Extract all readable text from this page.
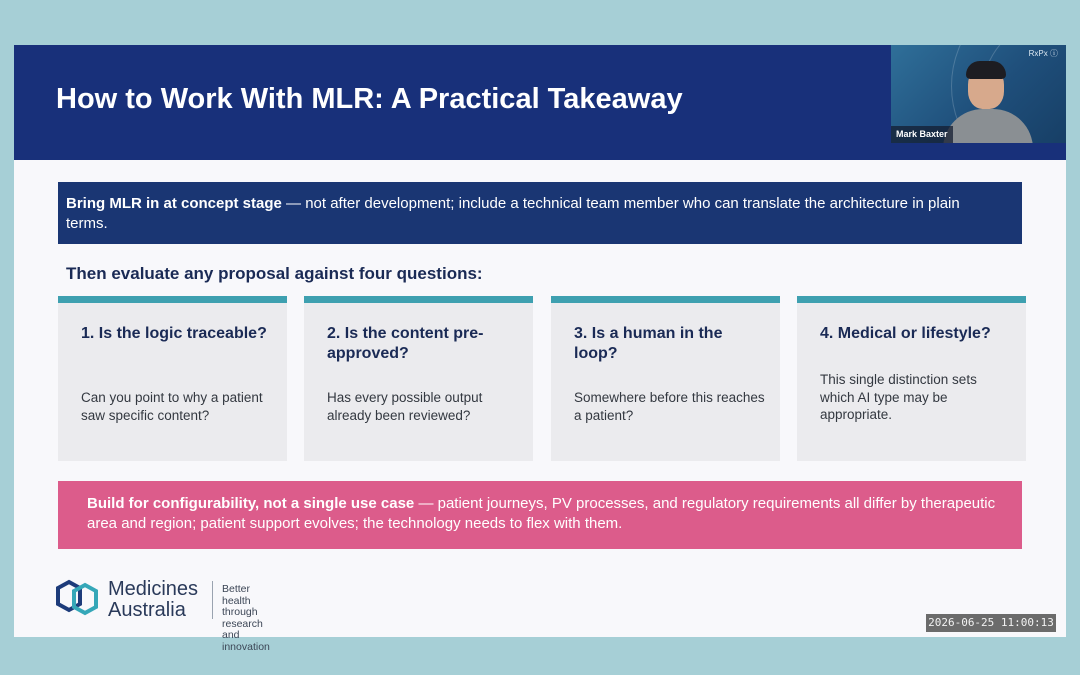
How to Work With MLR: A Practical Takeaway
RxPx ⓘ
Mark Baxter
Bring MLR in at concept stage — not after development; include a technical team member who can translate the architecture in plain terms.
Then evaluate any proposal against four questions:
1. Is the logic traceable?
Can you point to why a patient saw specific content?
2. Is the content pre-approved?
Has every possible output already been reviewed?
3. Is a human in the loop?
Somewhere before this reaches a patient?
4. Medical or lifestyle?
This single distinction sets which AI type may be appropriate.
Build for configurability, not a single use case — patient journeys, PV processes, and regulatory requirements all differ by therapeutic area and region; patient support evolves; the technology needs to flex with them.
Medicines
Australia
Better health
through research
and innovation
2026-06-25 11:00:13
